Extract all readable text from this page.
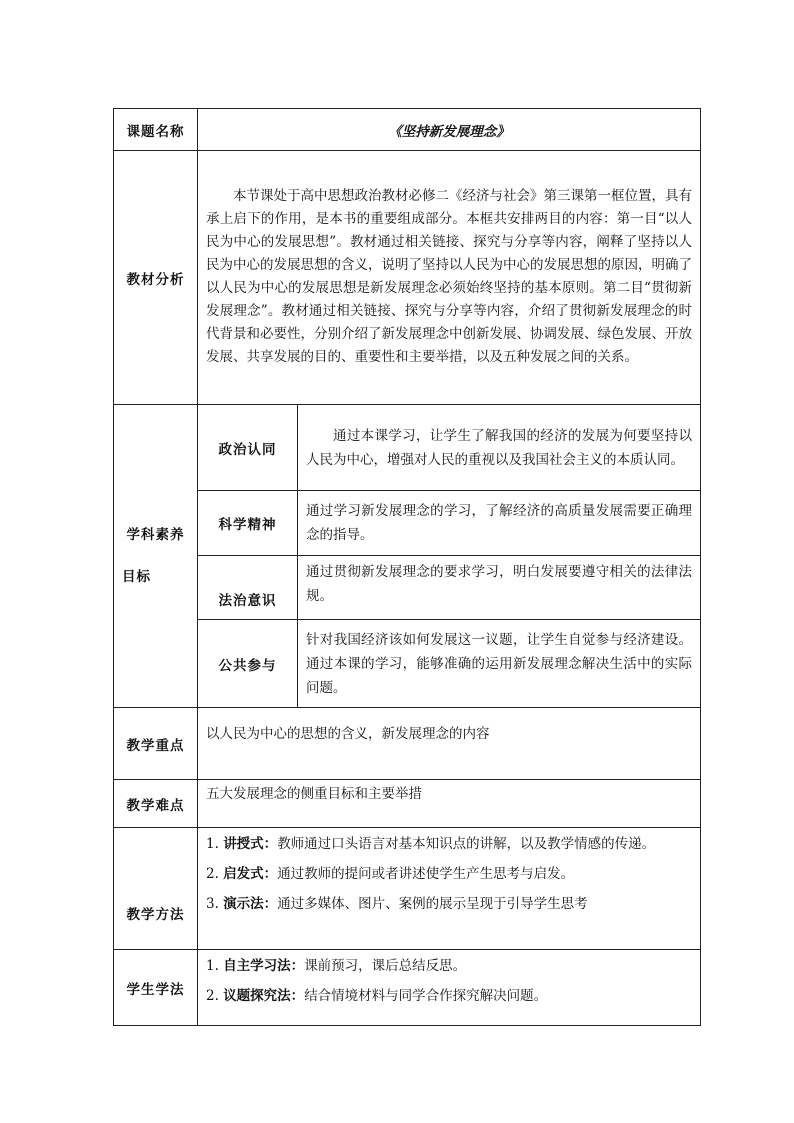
课题名称	《坚持新发展理念》	
教材分析	本节课处于高中思想政治教材必修二《经济与社会》第三课第一框位置，具有承上启下的作用，是本书的重要组成部分。本框共安排两目的内容：第一目“以人民为中心的发展思想”。教材通过相关链接、探究与分享等内容，阐释了坚持以人民为中心的发展思想的含义，说明了坚持以人民为中心的发展思想的原因，明确了以人民为中心的发展思想是新发展理念必须始终坚持的基本原则。第二目“贯彻新发展理念”。教材通过相关链接、探究与分享等内容，介绍了贯彻新发展理念的时代背景和必要性，分别介绍了新发展理念中创新发展、协调发展、绿色发展、开放发展、共享发展的目的、重要性和主要举措，以及五种发展之间的关系。	

学科素养
目标	政治认同	通过本课学习，让学生了解我国的经济的发展为何要坚持以人民为中心，增强对人民的重视以及我国社会主义的本质认同。

	科学精神	通过学习新发展理念的学习，了解经济的高质量发展需要正确理念的指导。

	法治意识	通过贯彻新发展理念的要求学习，明白发展要遵守相关的法律法规。

	公共参与	针对我国经济该如何发展这一议题，让学生自觉参与经济建设。通过本课的学习，能够准确的运用新发展理念解决生活中的实际问题。

教学重点	以人民为中心的思想的含义，新发展理念的内容	

教学难点	五大发展理念的侧重目标和主要举措	

教学方法	1. 讲授式：教师通过口头语言对基本知识点的讲解，以及教学情感的传递。
2. 启发式：通过教师的提问或者讲述使学生产生思考与启发。
3. 演示法：通过多媒体、图片、案例的展示呈现于引导学生思考	

学生学法	1. 自主学习法：课前预习，课后总结反思。
2. 议题探究法：结合情境材料与同学合作探究解决问题。	
